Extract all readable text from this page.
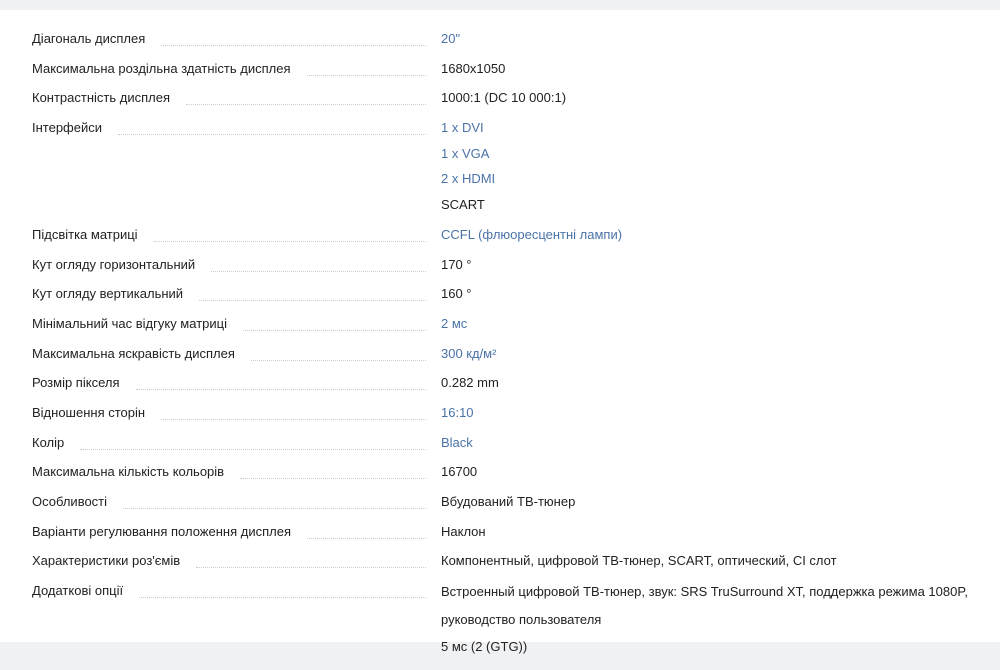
Діагональ дисплея	20"
Максимальна роздільна здатність дисплея	1680x1050
Контрастність дисплея	1000:1 (DC 10 000:1)
Інтерфейси	1 x DVI
1 x VGA
2 x HDMI
SCART
Підсвітка матриці	CCFL (флюоресцентні лампи)
Кут огляду горизонтальний	170 °
Кут огляду вертикальний	160 °
Мінімальний час відгуку матриці	2 мс
Максимальна яскравість дисплея	300 кд/м²
Розмір пікселя	0.282 mm
Відношення сторін	16:10
Колір	Black
Максимальна кількість кольорів	16700
Особливості	Вбудований ТВ-тюнер
Варіанти регулювання положення дисплея	Наклон
Характеристики роз'ємів	Компонентный, цифровой ТВ-тюнер, SCART, оптический, CI слот
Додаткові опції	Встроенный цифровой ТВ-тюнер, звук: SRS TruSurround XT, поддержка режима 1080P,
руководство пользователя
5 мс (2 (GTG))
